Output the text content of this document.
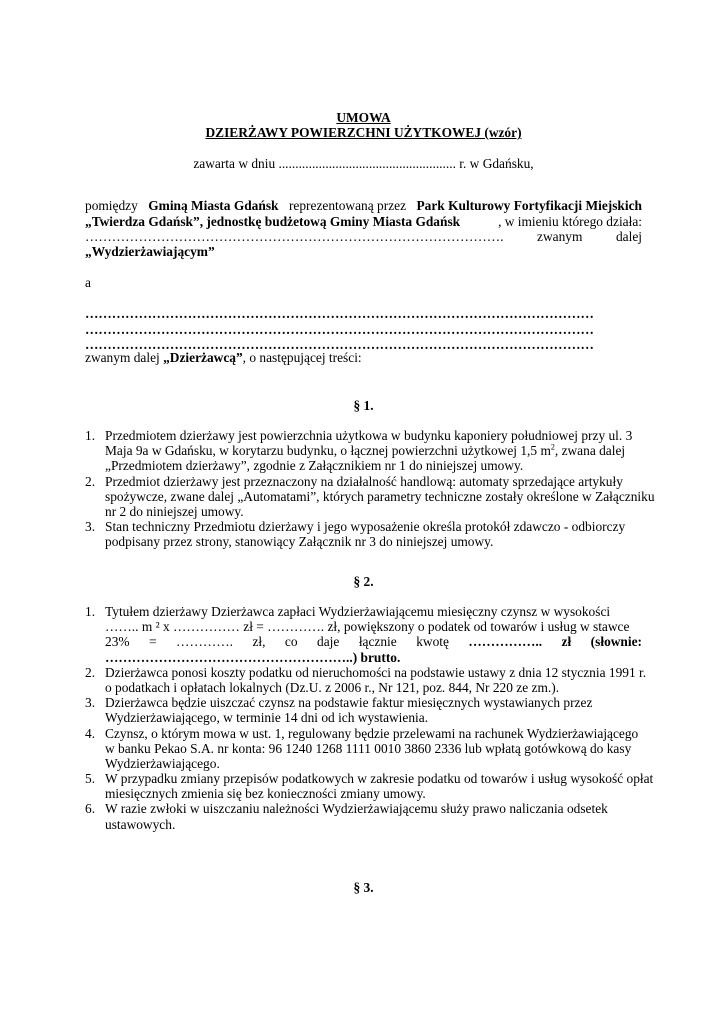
UMOWA
DZIERŻAWY POWIERZCHNI UŻYTKOWEJ (wzór)
zawarta w dniu ..................................................... r. w Gdańsku,
pomiędzy Gminą Miasta Gdańsk reprezentowaną przez Park Kulturowy Fortyfikacji Miejskich
„Twierdza Gdańsk”, jednostkę budżetową Gminy Miasta Gdańsk	, w imieniu którego działa:
………………………………………………………………………………….	zwanym	dalej
„Wydzierżawiającym”
a
……………………………………………………………………………………………………
……………………………………………………………………………………………………
……………………………………………………………………………………………………
zwanym dalej „Dzierżawcą”, o następującej treści:
§ 1.
1. Przedmiotem dzierżawy jest powierzchnia użytkowa w budynku kaponiery południowej przy ul. 3
Maja 9a w Gdańsku, w korytarzu budynku, o łącznej powierzchni użytkowej 1,5 $m^2$, zwana dalej
„Przedmiotem dzierżawy”, zgodnie z Załącznikiem nr 1 do niniejszej umowy.
2. Przedmiot dzierżawy jest przeznaczony na działalność handlową: automaty sprzedające artykuły
spożywcze, zwane dalej „Automatami”, których parametry techniczne zostały określone w Załączniku
nr 2 do niniejszej umowy.
3. Stan techniczny Przedmiotu dzierżawy i jego wyposażenie określa protokół zdawczo - odbiorczy
podpisany przez strony, stanowiący Załącznik nr 3 do niniejszej umowy.
§ 2.
1. Tytułem dzierżawy Dzierżawca zapłaci Wydzierżawiającemu miesięczny czynsz w wysokości
…….. m ² x …………… zł = …………. zł, powiększony o podatek od towarów i usług w stawce
23% = …………. zł, co daje łącznie kwotę …………….. zł (słownie:
………………………………………………..) brutto.
2. Dzierżawca ponosi koszty podatku od nieruchomości na podstawie ustawy z dnia 12 stycznia 1991 r.
o podatkach i opłatach lokalnych (Dz.U. z 2006 r., Nr 121, poz. 844, Nr 220 ze zm.).
3. Dzierżawca będzie uiszczać czynsz na podstawie faktur miesięcznych wystawianych przez
Wydzierżawiającego, w terminie 14 dni od ich wystawienia.
4. Czynsz, o którym mowa w ust. 1, regulowany będzie przelewami na rachunek Wydzierżawiającego
w banku Pekao S.A. nr konta: 96 1240 1268 1111 0010 3860 2336 lub wpłatą gotówkową do kasy
Wydzierżawiającego.
5. W przypadku zmiany przepisów podatkowych w zakresie podatku od towarów i usług wysokość opłat
miesięcznych zmienia się bez konieczności zmiany umowy.
6. W razie zwłoki w uiszczaniu należności Wydzierżawiającemu służy prawo naliczania odsetek
ustawowych.
§ 3.
